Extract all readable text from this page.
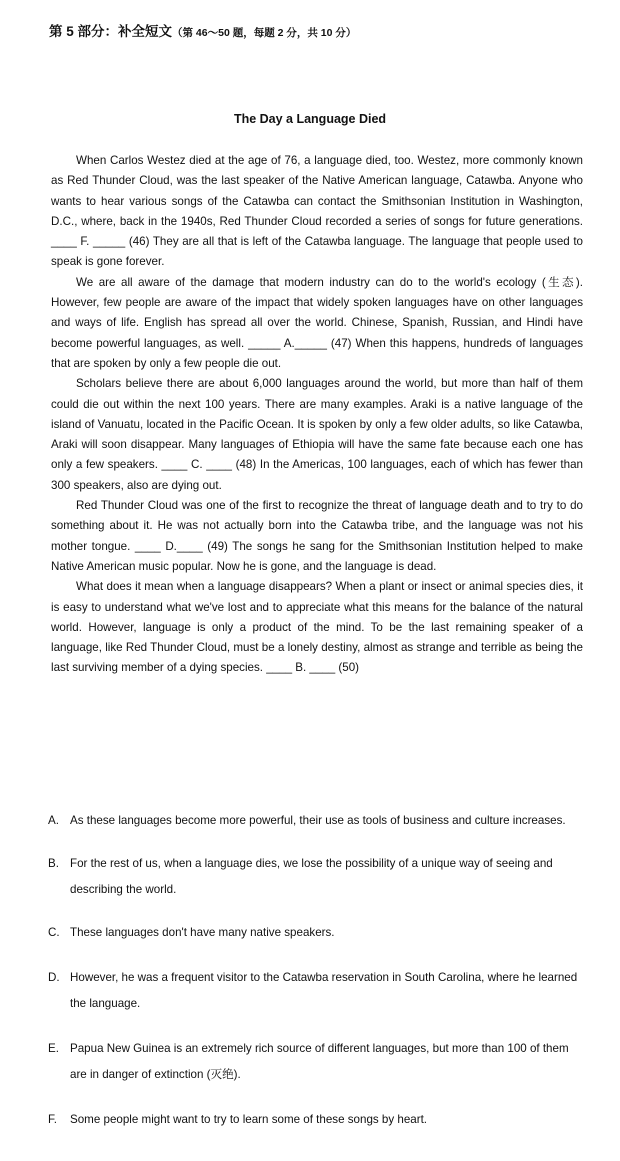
第 5 部分：补全短文（第 46～50 题，每题 2 分，共 10 分）
The Day a Language Died

When Carlos Westez died at the age of 76, a language died, too. Westez, more commonly known as Red Thunder Cloud, was the last speaker of the Native American language, Catawba. Anyone who wants to hear various songs of the Catawba can contact the Smithsonian Institution in Washington, D.C., where, back in the 1940s, Red Thunder Cloud recorded a series of songs for future generations. ____ F. _____ (46) They are all that is left of the Catawba language. The language that people used to speak is gone forever.

We are all aware of the damage that modern industry can do to the world's ecology (生态). However, few people are aware of the impact that widely spoken languages have on other languages and ways of life. English has spread all over the world. Chinese, Spanish, Russian, and Hindi have become powerful languages, as well. _____ A._____ (47) When this happens, hundreds of languages that are spoken by only a few people die out.

Scholars believe there are about 6,000 languages around the world, but more than half of them could die out within the next 100 years. There are many examples. Araki is a native language of the island of Vanuatu, located in the Pacific Ocean. It is spoken by only a few older adults, so like Catawba, Araki will soon disappear. Many languages of Ethiopia will have the same fate because each one has only a few speakers. ____ C. ____ (48) In the Americas, 100 languages, each of which has fewer than 300 speakers, also are dying out.

Red Thunder Cloud was one of the first to recognize the threat of language death and to try to do something about it. He was not actually born into the Catawba tribe, and the language was not his mother tongue. ____ D.____ (49) The songs he sang for the Smithsonian Institution helped to make Native American music popular. Now he is gone, and the language is dead.

What does it mean when a language disappears? When a plant or insect or animal species dies, it is easy to understand what we've lost and to appreciate what this means for the balance of the natural world. However, language is only a product of the mind. To be the last remaining speaker of a language, like Red Thunder Cloud, must be a lonely destiny, almost as strange and terrible as being the last surviving member of a dying species. ____ B. ____ (50)

A. As these languages become more powerful, their use as tools of business and culture increases.
B. For the rest of us, when a language dies, we lose the possibility of a unique way of seeing and describing the world.
C. These languages don't have many native speakers.
D. However, he was a frequent visitor to the Catawba reservation in South Carolina, where he learned the language.
E. Papua New Guinea is an extremely rich source of different languages, but more than 100 of them are in danger of extinction (灭绝).
F. Some people might want to try to learn some of these songs by heart.
